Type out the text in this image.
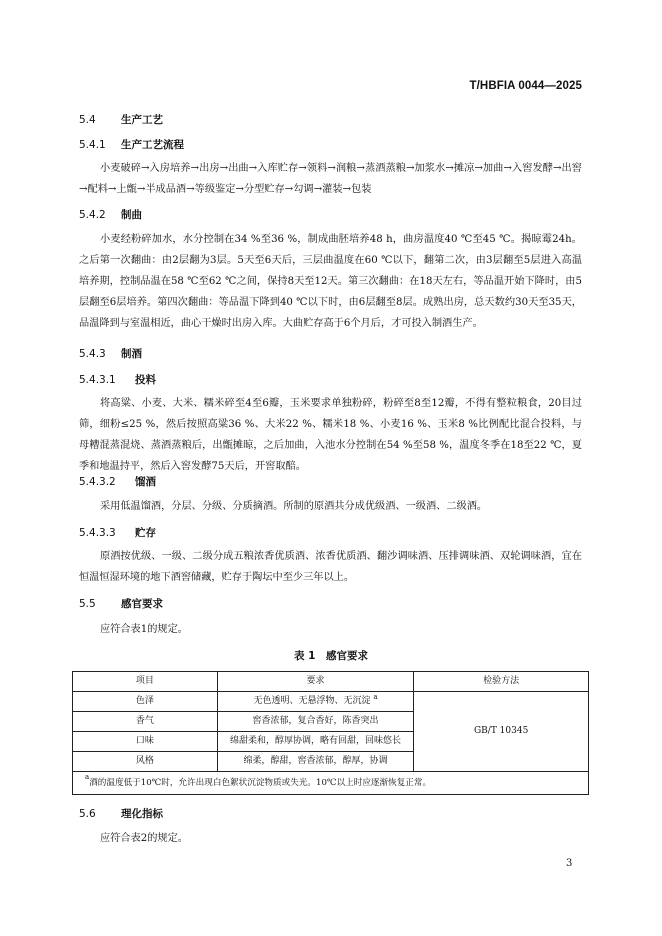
T/HBFIA 0044—2025
5.4 生产工艺
5.4.1 生产工艺流程

小麦破碎→入房培养→出房→出曲→入库贮存→领料→润粮→蒸酒蒸粮→加浆水→摊凉→加曲→入窖发酵→出窖→配料→上甑→半成品酒→等级鉴定→分型贮存→勾调→灌装→包装

5.4.2 制曲

小麦经粉碎加水，水分控制在34 %至36 %，制成曲胚培养48 h，曲房温度40 ℃至45 ℃。揭晾霉24h。之后第一次翻曲：由2层翻为3层。5天至6天后，三层曲温度在60 ℃以下，翻第二次，由3层翻至5层进入高温培养期，控制品温在58 ℃至62 ℃之间，保持8天至12天。第三次翻曲：在18天左右，等品温开始下降时，由5层翻至6层培养。第四次翻曲：等品温下降到40 ℃以下时，由6层翻至8层。成熟出房，总天数约30天至35天，品温降到与室温相近，曲心干燥时出房入库。大曲贮存高于6个月后，才可投入制酒生产。

5.4.3 制酒
5.4.3.1 投料

将高粱、小麦、大米、糯米碎至4至6瓣，玉米要求单独粉碎，粉碎至8至12瓣，不得有整粒粮食，20目过筛，细粉≤25 %，然后按照高粱36 %、大米22 %、糯米18 %、小麦16 %、玉米8 %比例配比混合投料，与母糟混蒸混烧、蒸酒蒸粮后，出甑摊晾，之后加曲，入池水分控制在54 %至58 %，温度冬季在18至22 ℃，夏季和地温持平，然后入窖发酵75天后，开窖取醅。

5.4.3.2 馏酒

采用低温馏酒，分层、分级、分质摘酒。所制的原酒共分成优级酒、一级酒、二级酒。

5.4.3.3 贮存

原酒按优级、一级、二级分成五粮浓香优质酒、浓香优质酒、翻沙调味酒、压排调味酒、双轮调味酒，宜在恒温恒湿环境的地下酒窖储藏，贮存于陶坛中至少三年以上。

5.5 感官要求

应符合表1的规定。

表 1　感官要求
项目	要求	检验方法
色泽	无色透明、无悬浮物、无沉淀 $^a$	GB/T 10345
香气	窖香浓郁，复合香好，陈香突出	
口味	绵甜柔和，醇厚协调，略有回甜，回味悠长	
风格	绵柔，醇甜，窖香浓郁，醇厚，协调	
$^a$酒的温度低于10℃时，允许出现白色絮状沉淀物质或失光。10℃以上时应逐渐恢复正常。		
5.6 理化指标

应符合表2的规定。

3
